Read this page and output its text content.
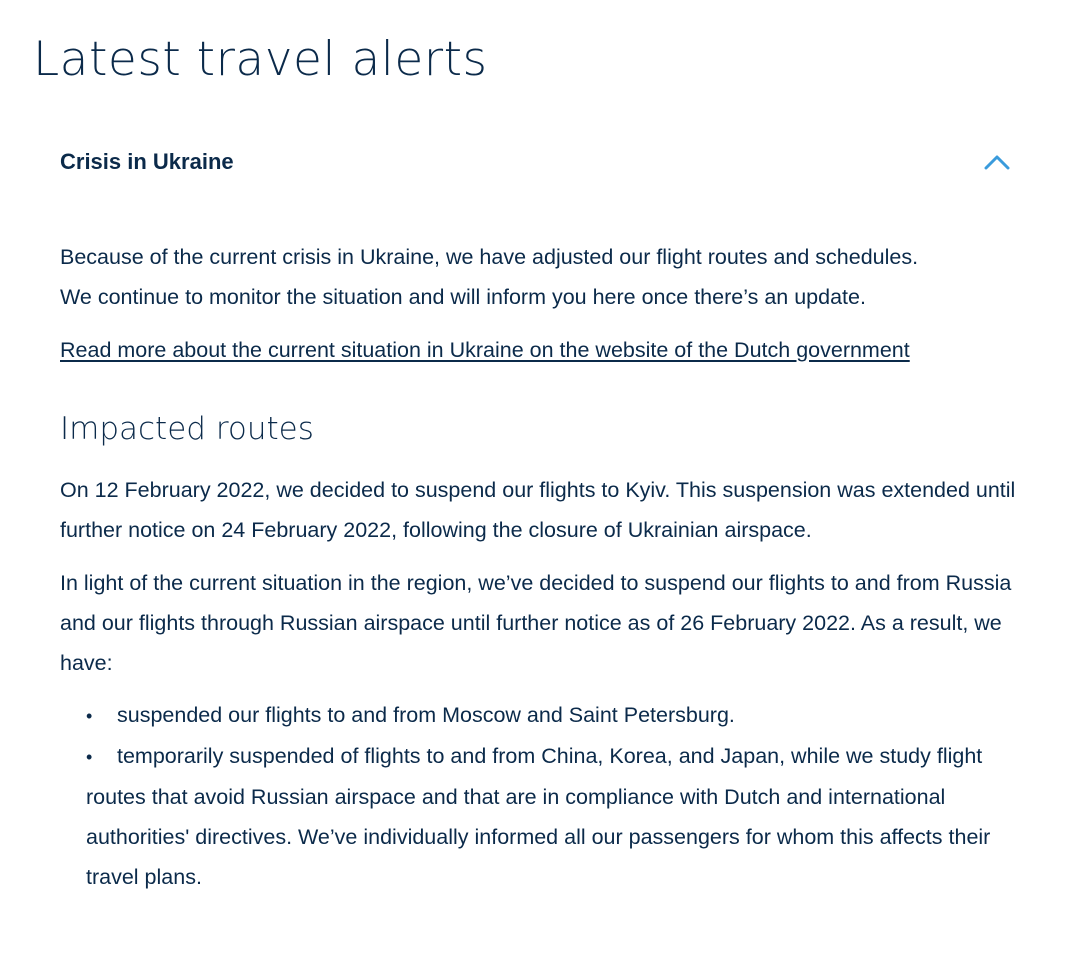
Latest travel alerts
Crisis in Ukraine

Because of the current crisis in Ukraine, we have adjusted our flight routes and schedules.
We continue to monitor the situation and will inform you here once there’s an update.

Read more about the current situation in Ukraine on the website of the Dutch government
Impacted routes

On 12 February 2022, we decided to suspend our flights to Kyiv. This suspension was extended until further notice on 24 February 2022, following the closure of Ukrainian airspace.

In light of the current situation in the region, we’ve decided to suspend our flights to and from Russia and our flights through Russian airspace until further notice as of 26 February 2022. As a result, we have:

• suspended our flights to and from Moscow and Saint Petersburg.
• temporarily suspended of flights to and from China, Korea, and Japan, while we study flight routes that avoid Russian airspace and that are in compliance with Dutch and international authorities' directives. We’ve individually informed all our passengers for whom this affects their travel plans.
